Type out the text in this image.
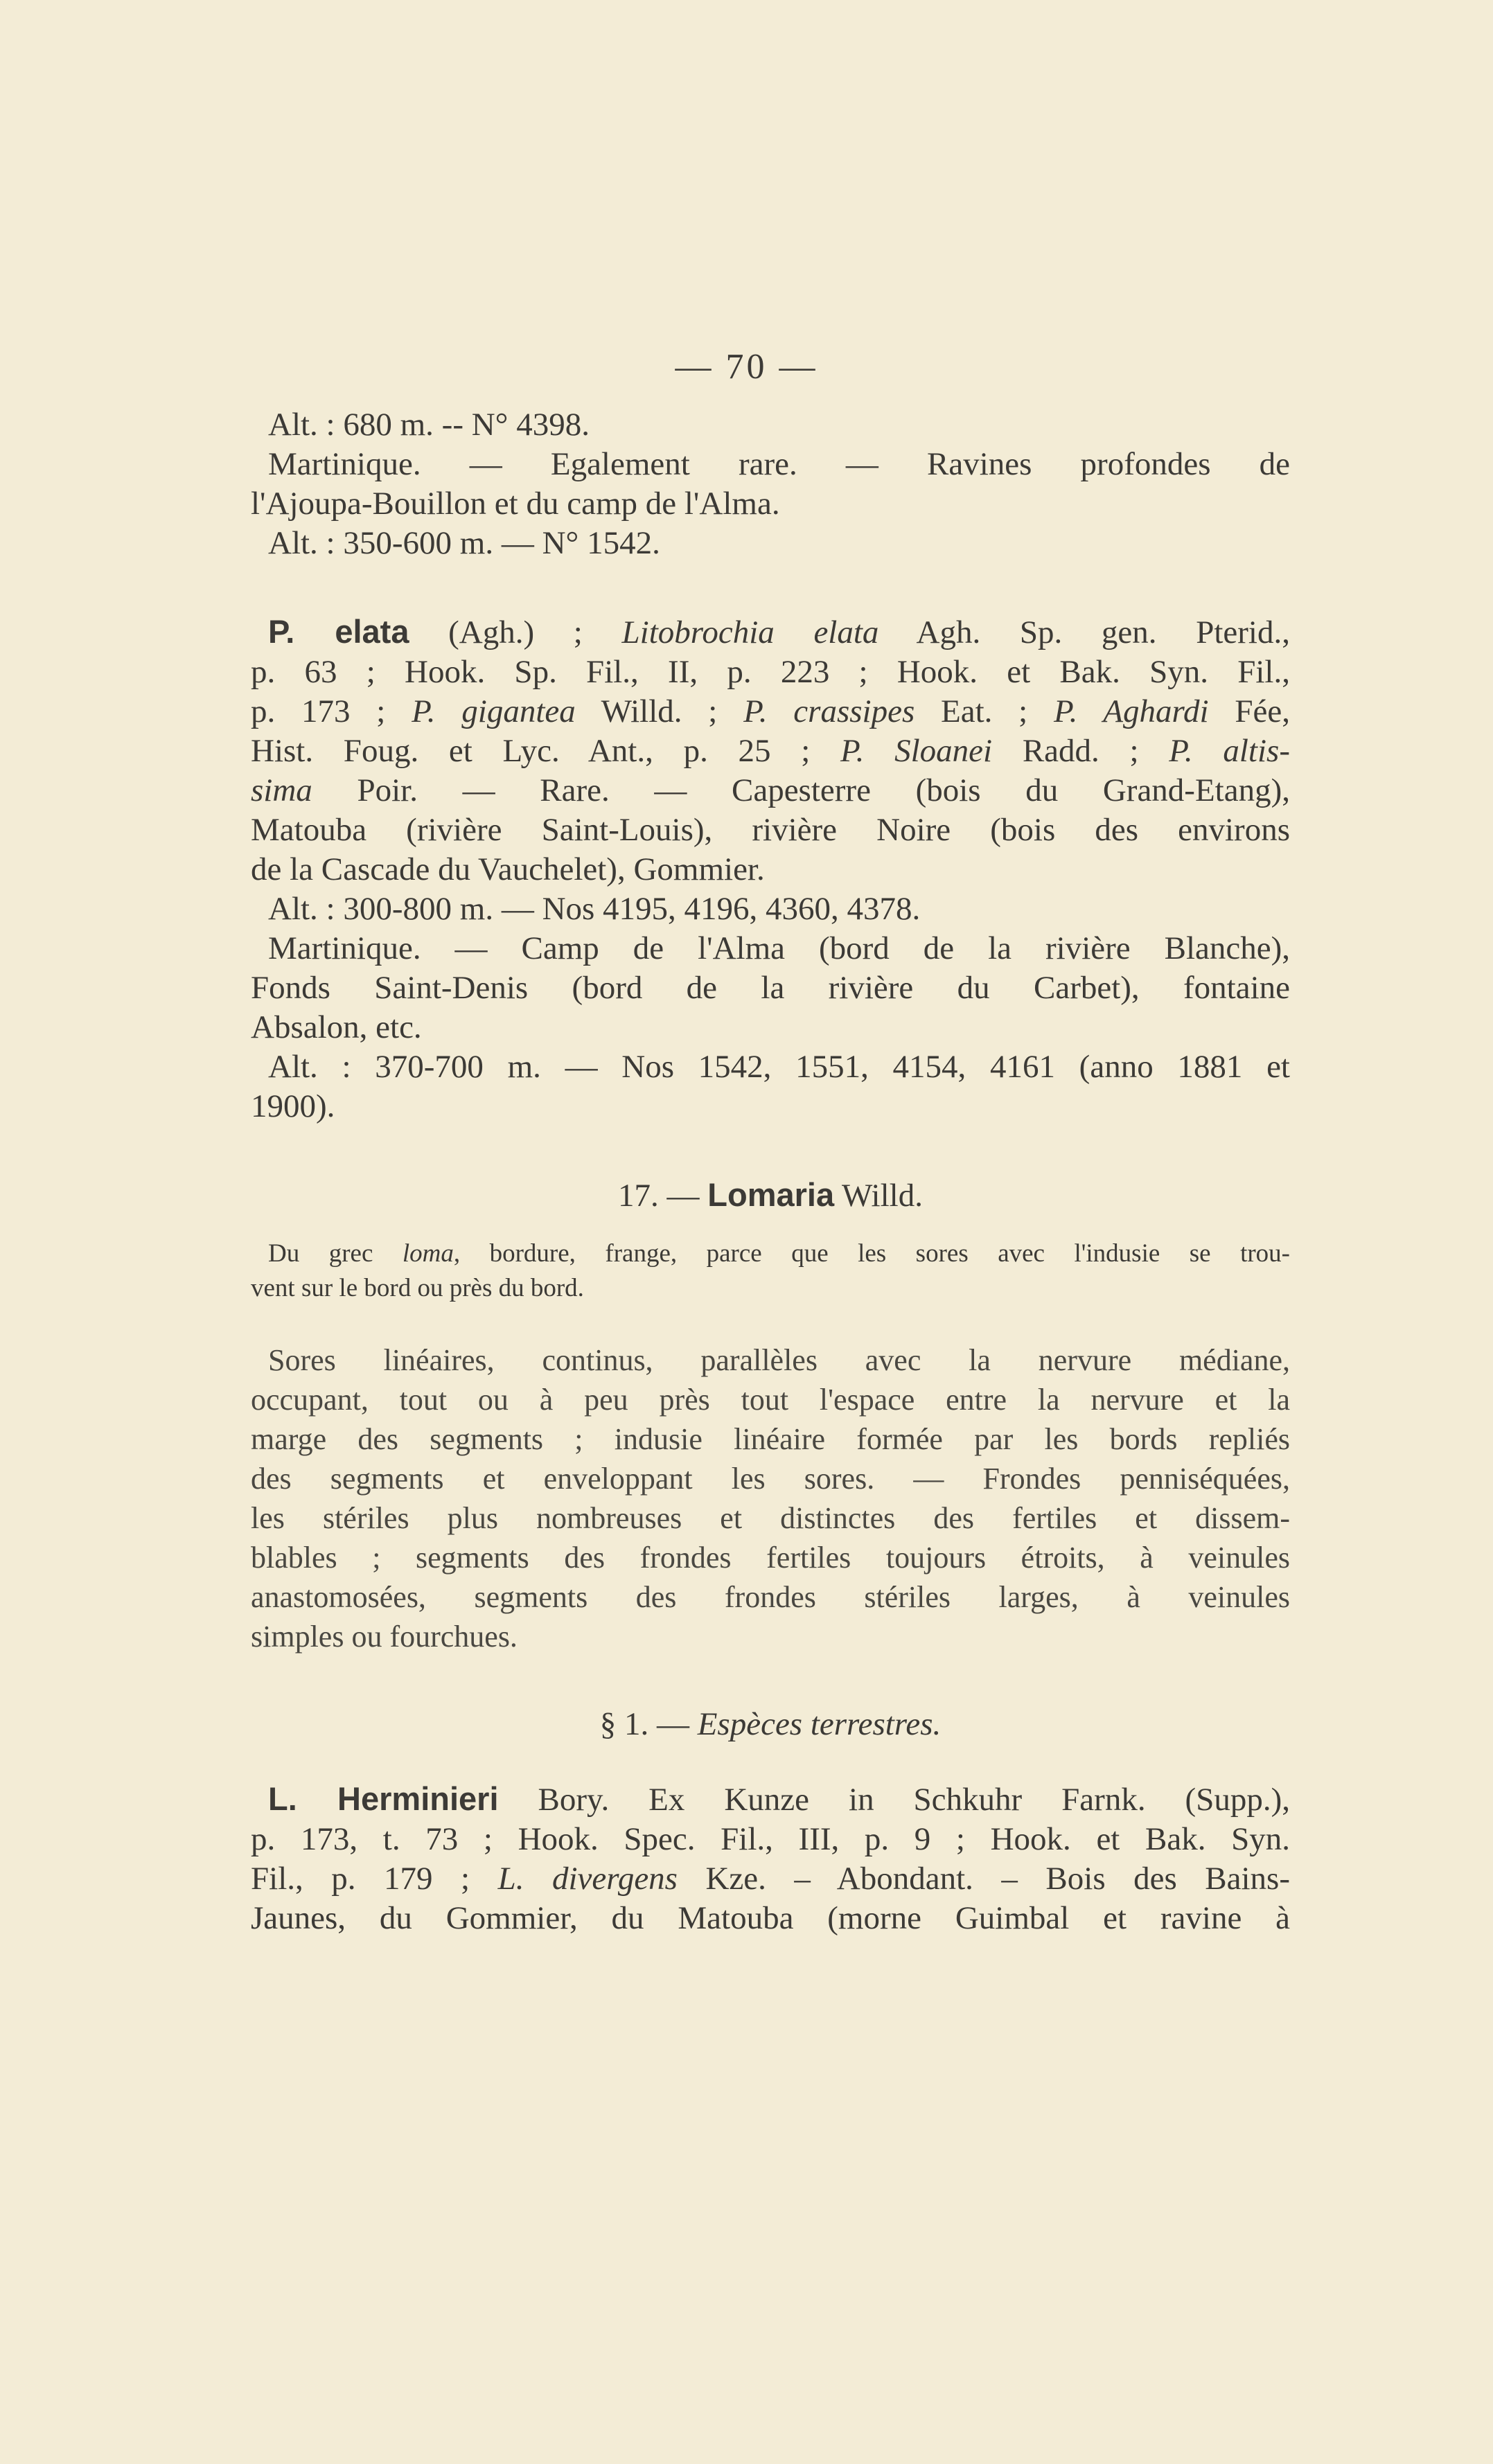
— 70 —
Alt. : 680 m. -- N° 4398.
Martinique. — Egalement rare. — Ravines profondes de
l'Ajoupa-Bouillon et du camp de l'Alma.
Alt. : 350-600 m. — N° 1542.
P. elata (Agh.) ; Litobrochia elata Agh. Sp. gen. Pterid.,
p. 63 ; Hook. Sp. Fil., II, p. 223 ; Hook. et Bak. Syn. Fil.,
p. 173 ; P. gigantea Willd. ; P. crassipes Eat. ; P. Aghardi Fée,
Hist. Foug. et Lyc. Ant., p. 25 ; P. Sloanei Radd. ; P. altis-
sima Poir. — Rare. — Capesterre (bois du Grand-Etang),
Matouba (rivière Saint-Louis), rivière Noire (bois des environs
de la Cascade du Vauchelet), Gommier.
Alt. : 300-800 m. — Nos 4195, 4196, 4360, 4378.
Martinique. — Camp de l'Alma (bord de la rivière Blanche),
Fonds Saint-Denis (bord de la rivière du Carbet), fontaine
Absalon, etc.
Alt. : 370-700 m. — Nos 1542, 1551, 4154, 4161 (anno 1881 et
1900).
17. — Lomaria Willd.
Du grec loma, bordure, frange, parce que les sores avec l'indusie se trou-
vent sur le bord ou près du bord.
Sores linéaires, continus, parallèles avec la nervure médiane,
occupant, tout ou à peu près tout l'espace entre la nervure et la
marge des segments ; indusie linéaire formée par les bords repliés
des segments et enveloppant les sores. — Frondes penniséquées,
les stériles plus nombreuses et distinctes des fertiles et dissem-
blables ; segments des frondes fertiles toujours étroits, à veinules
anastomosées, segments des frondes stériles larges, à veinules
simples ou fourchues.
§ 1. — Espèces terrestres.
L. Herminieri Bory. Ex Kunze in Schkuhr Farnk. (Supp.),
p. 173, t. 73 ; Hook. Spec. Fil., III, p. 9 ; Hook. et Bak. Syn.
Fil., p. 179 ; L. divergens Kze. – Abondant. – Bois des Bains-
Jaunes, du Gommier, du Matouba (morne Guimbal et ravine à
